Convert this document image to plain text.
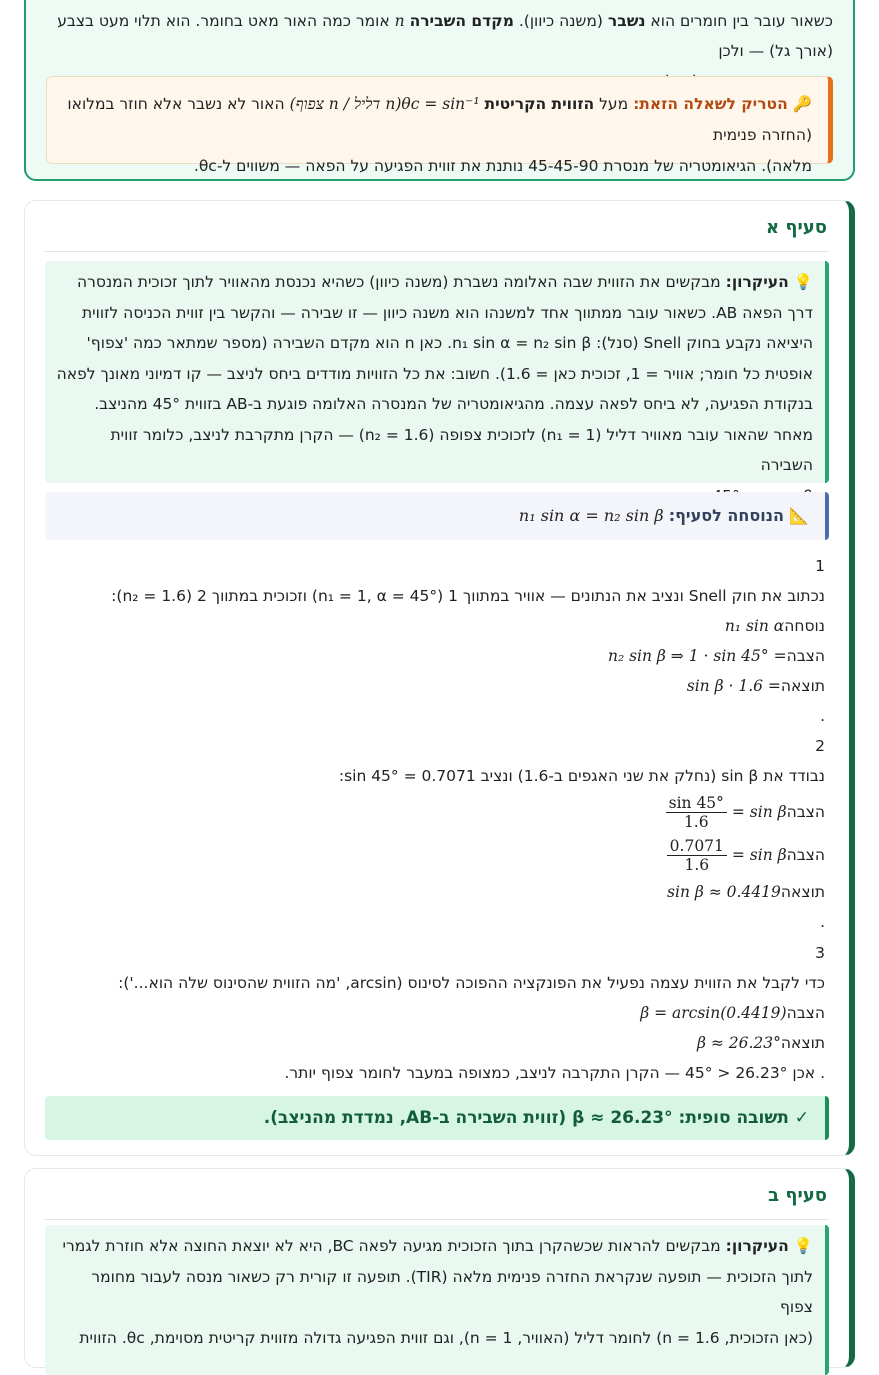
כשאור עובר בין חומרים הוא נשבר (משנה כיוון). מקדם השבירה n אומר כמה האור מאט בחומר. הוא תלוי מעט בצבע (אורך גל) — ולכן
🔑 הטריק לשאלה הזאת: מעל הזווית הקריטית θc = sin⁻¹(n דליל / n צפוף) האור לא נשבר אלא חוזר במלואו (החזרה פנימית
מלאה). הגיאומטריה של מנסרת 45-45-90 נותנת את זווית הפגיעה על הפאה — משווים ל-θc.
סעיף א
💡 העיקרון: מבקשים את הזווית שבה האלומה נשברת (משנה כיוון) כשהיא נכנסת מהאוויר לתוך זכוכית המנסרה
דרך הפאה AB. כשאור עובר ממתווך אחד למשנהו הוא משנה כיוון — זו שבירה — והקשר בין זווית הכניסה לזווית
היציאה נקבע בחוק Snell (סנל): n₁ sin α = n₂ sin β. כאן n הוא מקדם השבירה (מספר שמתאר כמה 'צפוף'
אופטית כל חומר; אוויר = 1, זכוכית כאן = 1.6). חשוב: את כל הזוויות מודדים ביחס לניצב — קו דמיוני מאונך לפאה
בנקודת הפגיעה, לא ביחס לפאה עצמה. מהגיאומטריה של המנסרה האלומה פוגעת ב-AB בזווית 45° מהניצב.
מאחר שהאור עובר מאוויר דליל (n₁ = 1) לזכוכית צפופה (n₂ = 1.6) — הקרן מתקרבת לניצב, כלומר זווית השבירה
📐 הנוסחה לסעיף: n₁ sin α = n₂ sin β
1
נכתוב את חוק Snell ונציב את הנתונים — אוויר במתווך 1 (n₁ = 1, α = 45°) וזכוכית במתווך 2 (n₂ = 1.6):
נוסחהn₁ sin α
הצבה= n₂ sin β ⇒ 1 · sin 45°
תוצאה= 1.6 · sin β
.
2
נבודד את sin β (נחלק את שני האגפים ב-1.6) ונציב sin 45° = 0.7071:
הצבהsin β =
$\frac{\sin 45^\circ}{1.6}$
הצבהsin β =
$\frac{0.7071}{1.6}$
תוצאהsin β ≈ 0.4419
.
3
כדי לקבל את הזווית עצמה נפעיל את הפונקציה ההפוכה לסינוס (arcsin, 'מה הזווית שהסינוס שלה הוא...'):
הצבהβ = arcsin(0.4419)
תוצאהβ ≈ 26.23°
. אכן 26.23° < 45° — הקרן התקרבה לניצב, כמצופה במעבר לחומר צפוף יותר.
✓ תשובה סופית: β ≈ 26.23° (זווית השבירה ב-AB, נמדדת מהניצב).
סעיף ב
💡 העיקרון: מבקשים להראות שכשהקרן בתוך הזכוכית מגיעה לפאה BC, היא לא יוצאת החוצה אלא חוזרת לגמרי
לתוך הזכוכית — תופעה שנקראת החזרה פנימית מלאה (TIR). תופעה זו קורית רק כשאור מנסה לעבור מחומר צפוף
(כאן הזכוכית, n = 1.6) לחומר דליל (האוויר, n = 1), וגם זווית הפגיעה גדולה מזווית קריטית מסוימת, θc. הזווית
